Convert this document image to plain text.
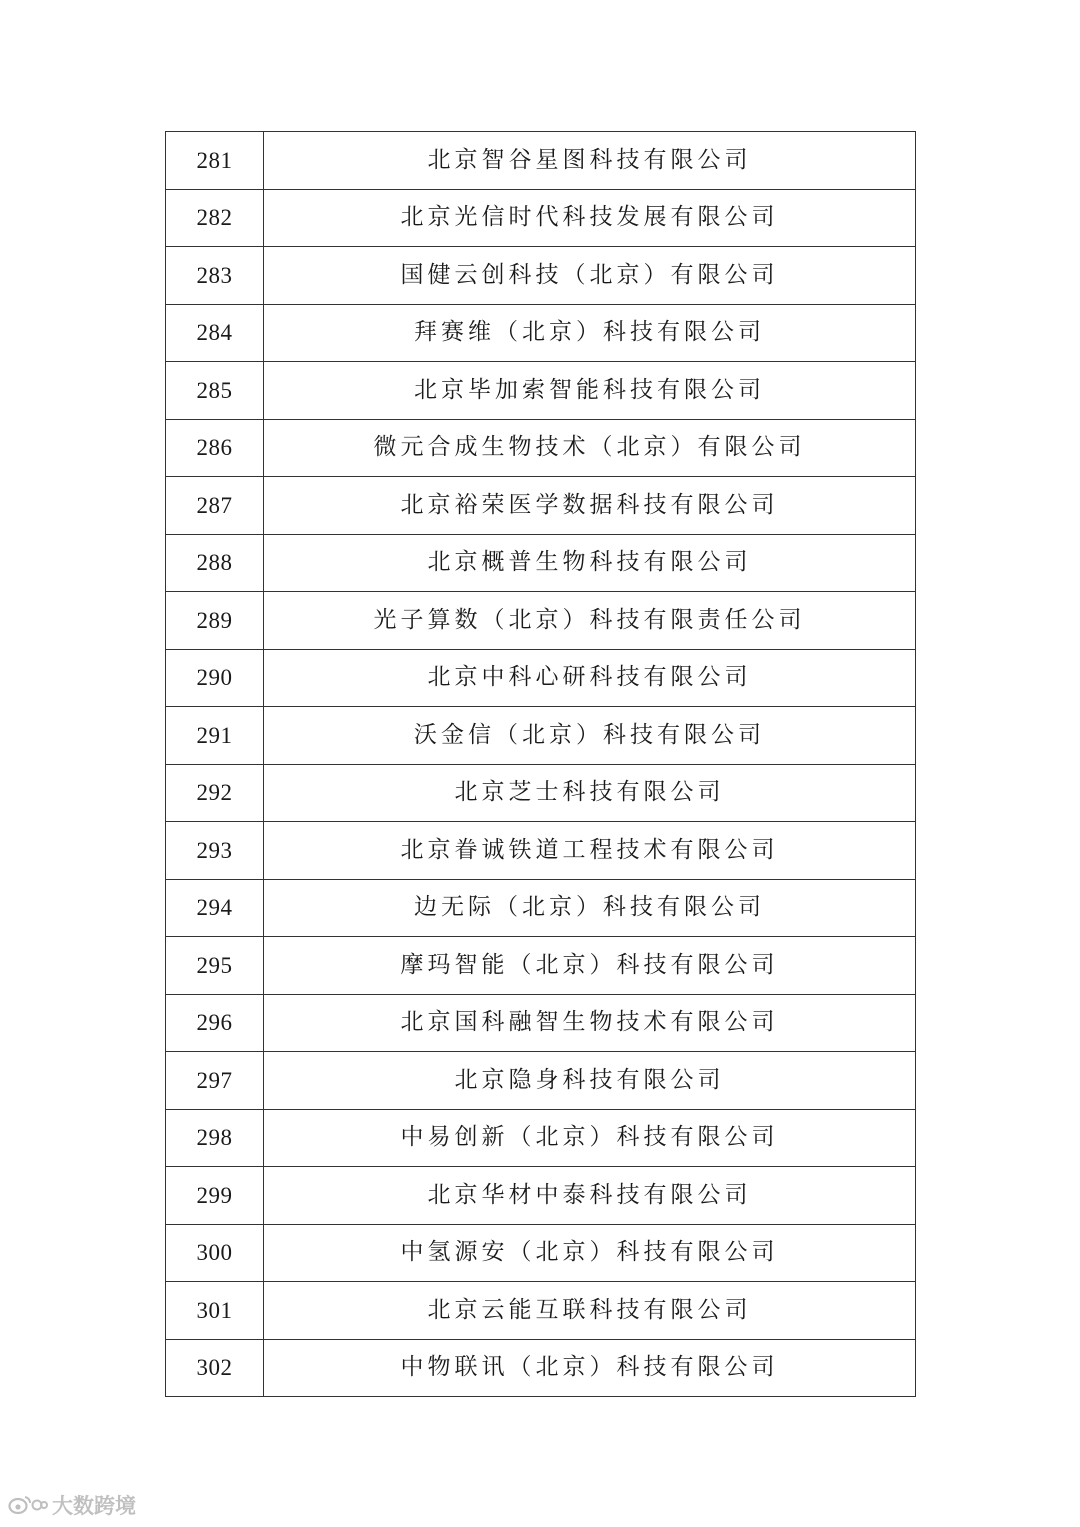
281	北京智谷星图科技有限公司
282	北京光信时代科技发展有限公司
283	国健云创科技（北京）有限公司
284	拜赛维（北京）科技有限公司
285	北京毕加索智能科技有限公司
286	微元合成生物技术（北京）有限公司
287	北京裕荣医学数据科技有限公司
288	北京概普生物科技有限公司
289	光子算数（北京）科技有限责任公司
290	北京中科心研科技有限公司
291	沃金信（北京）科技有限公司
292	北京芝士科技有限公司
293	北京眷诚铁道工程技术有限公司
294	边无际（北京）科技有限公司
295	摩玛智能（北京）科技有限公司
296	北京国科融智生物技术有限公司
297	北京隐身科技有限公司
298	中易创新（北京）科技有限公司
299	北京华材中泰科技有限公司
300	中氢源安（北京）科技有限公司
301	北京云能互联科技有限公司
302	中物联讯（北京）科技有限公司
大数跨境
